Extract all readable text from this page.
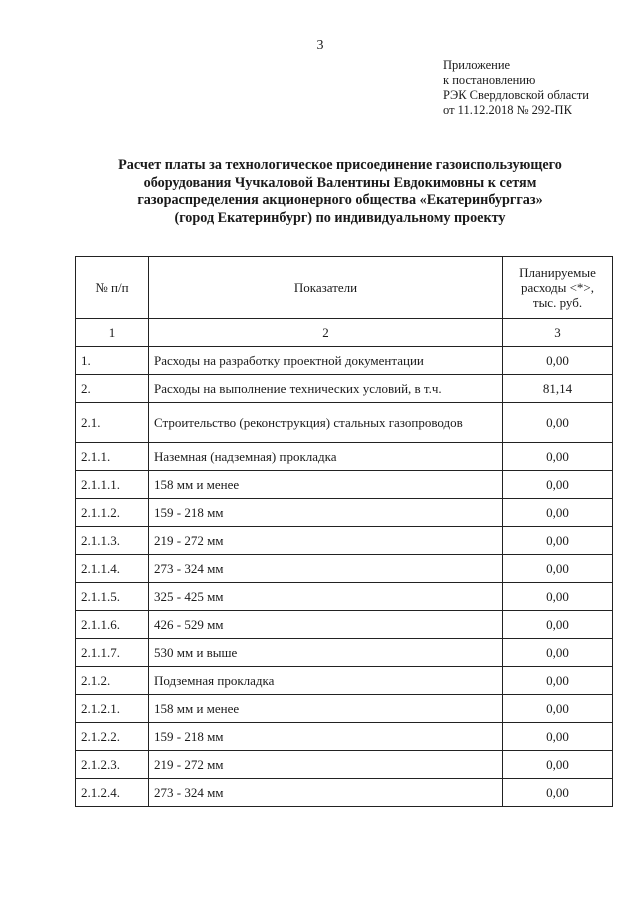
3
Приложение
к постановлению
РЭК Свердловской области
от 11.12.2018 № 292-ПК
Расчет платы за технологическое присоединение газоиспользующего
оборудования Чучкаловой Валентины Евдокимовны к сетям
газораспределения акционерного общества «Екатеринбурггаз»
(город Екатеринбург) по индивидуальному проекту
№ п/п	Показатели	Планируемые
расходы <*>,
тыс. руб.

1	2	3
1.	Расходы на разработку проектной документации	0,00
2.	Расходы на выполнение технических условий, в т.ч.	81,14
2.1.	Строительство (реконструкция) стальных газопроводов	0,00
2.1.1.	Наземная (надземная) прокладка	0,00
2.1.1.1.	158 мм и менее	0,00
2.1.1.2.	159 - 218 мм	0,00
2.1.1.3.	219 - 272 мм	0,00
2.1.1.4.	273 - 324 мм	0,00
2.1.1.5.	325 - 425 мм	0,00
2.1.1.6.	426 - 529 мм	0,00
2.1.1.7.	530 мм и выше	0,00
2.1.2.	Подземная прокладка	0,00
2.1.2.1.	158 мм и менее	0,00
2.1.2.2.	159 - 218 мм	0,00
2.1.2.3.	219 - 272 мм	0,00
2.1.2.4.	273 - 324 мм	0,00
